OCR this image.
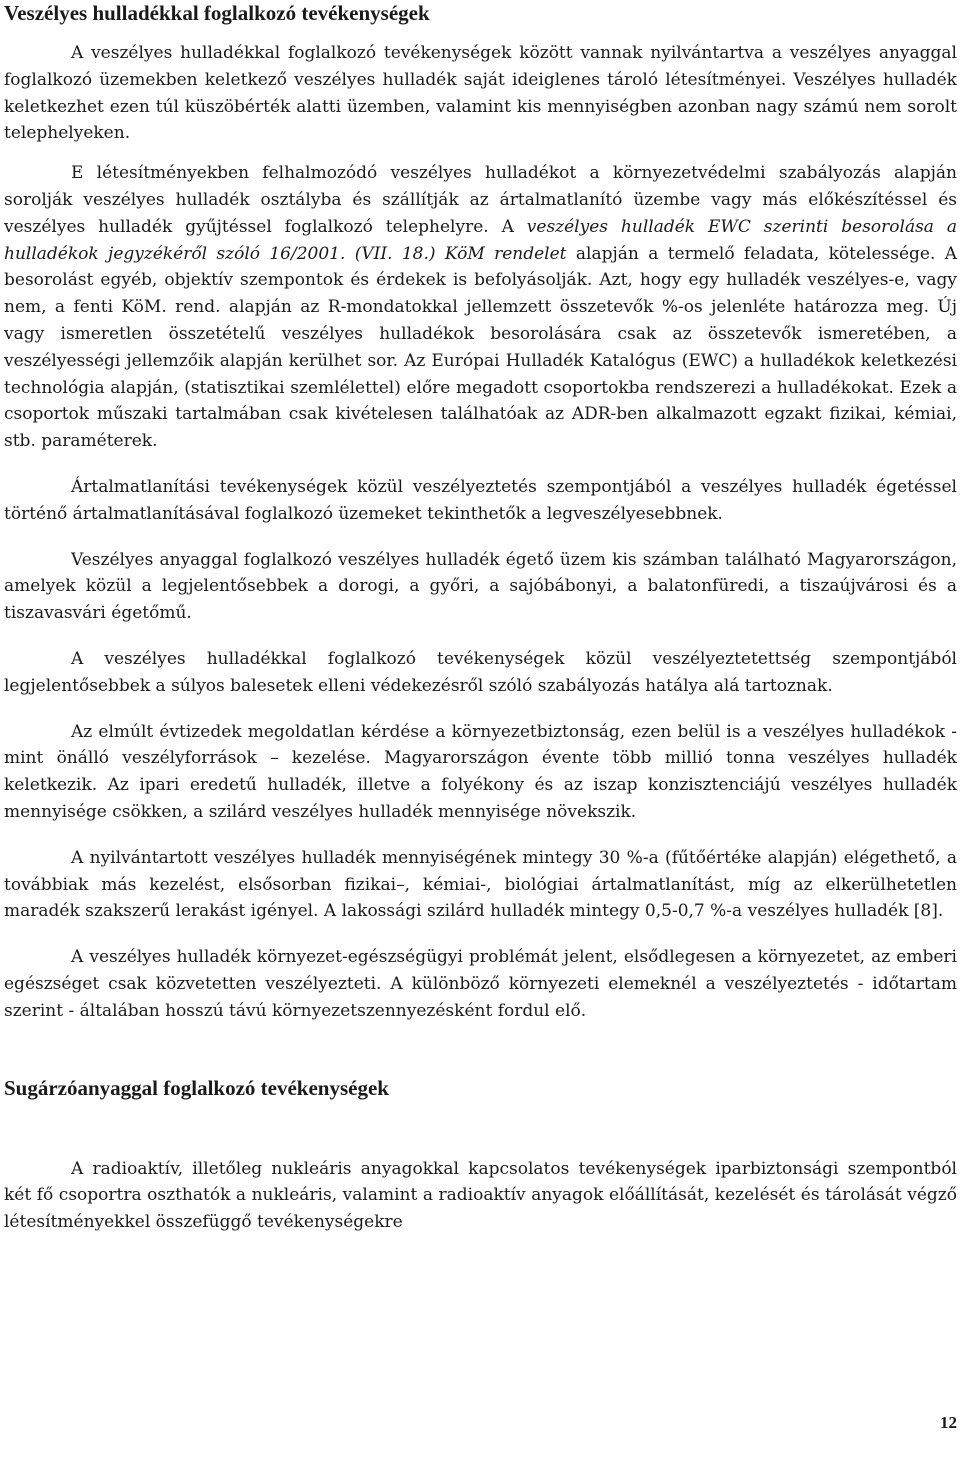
Veszélyes hulladékkal foglalkozó tevékenységek

A veszélyes hulladékkal foglalkozó tevékenységek között vannak nyilvántartva a veszélyes anyaggal foglalkozó üzemekben keletkező veszélyes hulladék saját ideiglenes tároló létesítményei. Veszélyes hulladék keletkezhet ezen túl küszöbérték alatti üzemben, valamint kis mennyiségben azonban nagy számú nem sorolt telephelyeken.

E létesítményekben felhalmozódó veszélyes hulladékot a környezetvédelmi szabályozás alapján sorolják veszélyes hulladék osztályba és szállítják az ártalmatlanító üzembe vagy más előkészítéssel és veszélyes hulladék gyűjtéssel foglalkozó telephelyre. A veszélyes hulladék EWC szerinti besorolása a hulladékok jegyzékéről szóló 16/2001. (VII. 18.) KöM rendelet alapján a termelő feladata, kötelessége. A besorolást egyéb, objektív szempontok és érdekek is befolyásolják. Azt, hogy egy hulladék veszélyes-e, vagy nem, a fenti KöM. rend. alapján az R-mondatokkal jellemzett összetevők %-os jelenléte határozza meg. Új vagy ismeretlen összetételű veszélyes hulladékok besorolására csak az összetevők ismeretében, a veszélyességi jellemzőik alapján kerülhet sor. Az Európai Hulladék Katalógus (EWC) a hulladékok keletkezési technológia alapján, (statisztikai szemlélettel) előre megadott csoportokba rendszerezi a hulladékokat. Ezek a csoportok műszaki tartalmában csak kivételesen találhatóak az ADR-ben alkalmazott egzakt fizikai, kémiai, stb. paraméterek.

Ártalmatlanítási tevékenységek közül veszélyeztetés szempontjából a veszélyes hulladék égetéssel történő ártalmatlanításával foglalkozó üzemeket tekinthetők a legveszélyesebbnek.

Veszélyes anyaggal foglalkozó veszélyes hulladék égető üzem kis számban található Magyarországon, amelyek közül a legjelentősebbek a dorogi, a győri, a sajóbábonyi, a balatonfüredi, a tiszaújvárosi és a tiszavasvári égetőmű.

A veszélyes hulladékkal foglalkozó tevékenységek közül veszélyeztetettség szempontjából legjelentősebbek a súlyos balesetek elleni védekezésről szóló szabályozás hatálya alá tartoznak.

Az elmúlt évtizedek megoldatlan kérdése a környezetbiztonság, ezen belül is a veszélyes hulladékok - mint önálló veszélyforrások – kezelése. Magyarországon évente több millió tonna veszélyes hulladék keletkezik. Az ipari eredetű hulladék, illetve a folyékony és az iszap konzisztenciájú veszélyes hulladék mennyisége csökken, a szilárd veszélyes hulladék mennyisége növekszik.

A nyilvántartott veszélyes hulladék mennyiségének mintegy 30 %-a (fűtőértéke alapján) elégethető, a továbbiak más kezelést, elsősorban fizikai–, kémiai-, biológiai ártalmatlanítást, míg az elkerülhetetlen maradék szakszerű lerakást igényel. A lakossági szilárd hulladék mintegy 0,5-0,7 %-a veszélyes hulladék [8].

A veszélyes hulladék környezet-egészségügyi problémát jelent, elsődlegesen a környezetet, az emberi egészséget csak közvetetten veszélyezteti. A különböző környezeti elemeknél a veszélyeztetés - időtartam szerint - általában hosszú távú környezetszennyezésként fordul elő.

Sugárzóanyaggal foglalkozó tevékenységek

A radioaktív, illetőleg nukleáris anyagokkal kapcsolatos tevékenységek iparbiztonsági szempontból két fő csoportra oszthatók a nukleáris, valamint a radioaktív anyagok előállítását, kezelését és tárolását végző létesítményekkel összefüggő tevékenységekre

12
